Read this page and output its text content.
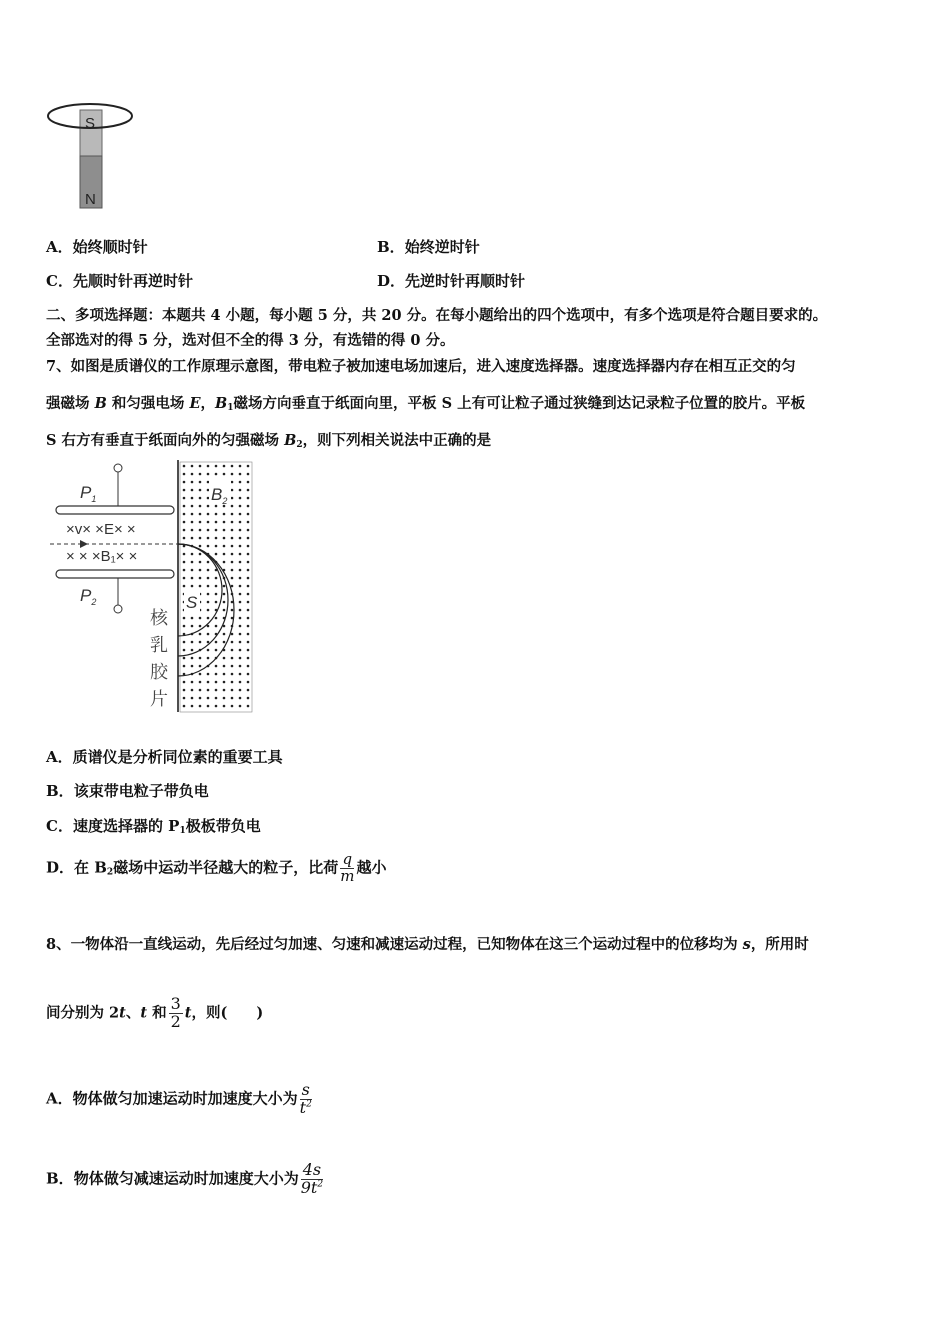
S
N
A．始终顺时针	B．始终逆时针
C．先顺时针再逆时针	D．先逆时针再顺时针
二、多项选择题：本题共 4 小题，每小题 5 分，共 20 分。在每小题给出的四个选项中，有多个选项是符合题目要求的。
全部选对的得 5 分，选对但不全的得 3 分，有选错的得 0 分。
7、如图是质谱仪的工作原理示意图，带电粒子被加速电场加速后，进入速度选择器。速度选择器内存在相互正交的匀
强磁场 B 和匀强电场 E，$B_1$磁场方向垂直于纸面向里，平板 S 上有可让粒子通过狭缝到达记录粒子位置的胶片。平板
S 右方有垂直于纸面向外的匀强磁场 $B_2$，则下列相关说法中正确的是
$P_1$
$P_2$
×v× ×E× ×
× × ×B₁× ×
$B_2$
S
核
乳
胶
片
A．质谱仪是分析同位素的重要工具
B．该束带电粒子带负电
C．速度选择器的 $P_1$极板带负电
D．在 $B_2$磁场中运动半径越大的粒子，比荷 $\frac{q}{m}$ 越小
8、一物体沿一直线运动，先后经过匀加速、匀速和减速运动过程，已知物体在这三个运动过程中的位移均为 s，所用时
间分别为 2t、t 和 $\frac{3}{2}$ t，则(　　)
A．物体做匀加速运动时加速度大小为 $\frac{s}{t^2}$
B．物体做匀减速运动时加速度大小为 $\frac{4s}{9t^2}$
